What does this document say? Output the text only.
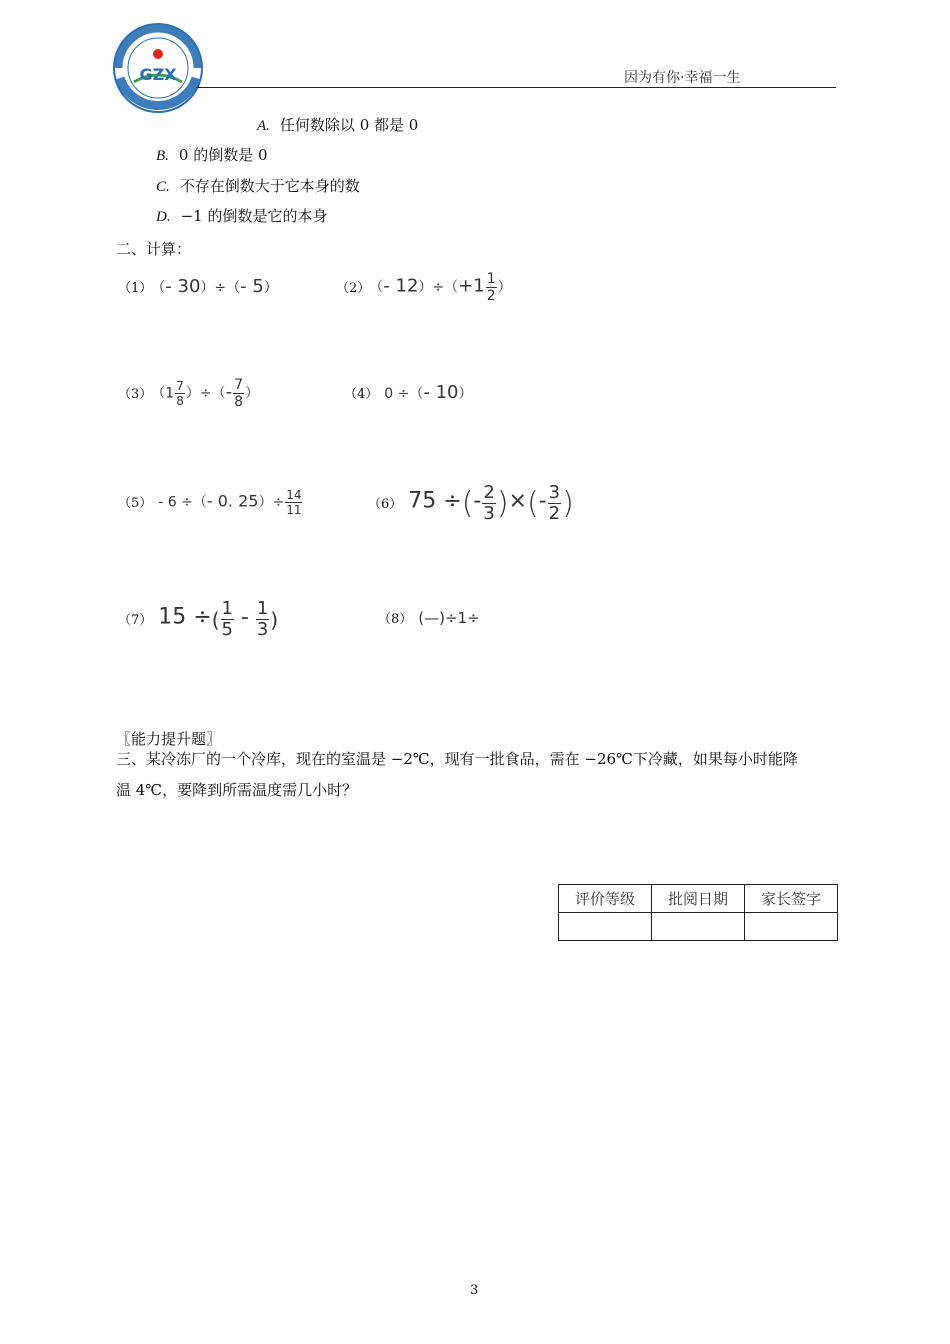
GZX	因为有你·幸福一生
A. 任何数除以 0 都是 0
B. 0 的倒数是 0
C. 不存在倒数大于它本身的数
D. −1 的倒数是它的本身
二、计算：
（1） （- 30）÷（- 5）	（2） （- $12)\div(+1 \frac{1}{2}$ ）
（3） （$1 \frac{7}{8}$ ）÷（- $\frac{7}{8}$ ）	（4） 0 ÷（- 10）
（5） - 6 ÷（- 0. $25)\div \frac{14}{11}$	（6） 75 ÷(- $\frac{2}{3}$ )×(- $\frac{3}{2}$ )
（7） 15 ÷( $\frac{1}{5} - \frac{1}{3}$ )	（8） (—)÷1÷
〖能力提升题〗
三、某冷冻厂的一个冷库，现在的室温是 −2℃，现有一批食品，需在 −26℃下冷藏，如果每小时能降
温 4℃，要降到所需温度需几小时？
评价等级	批阅日期	家长签字

3
